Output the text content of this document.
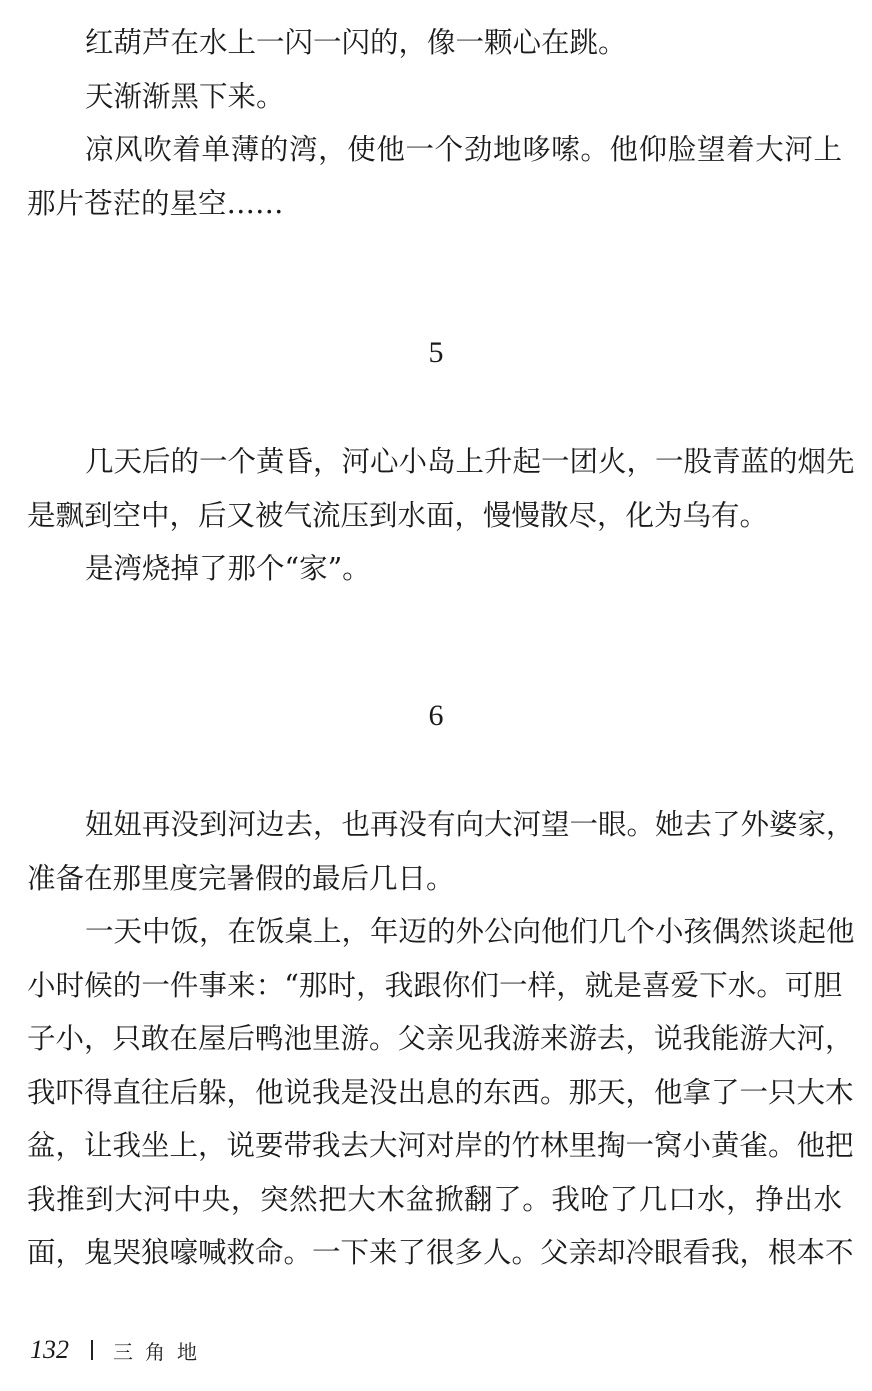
红葫芦在水上一闪一闪的，像一颗心在跳。
天渐渐黑下来。
凉风吹着单薄的湾，使他一个劲地哆嗦。他仰脸望着大河上
那片苍茫的星空……
5
几天后的一个黄昏，河心小岛上升起一团火，一股青蓝的烟先
是飘到空中，后又被气流压到水面，慢慢散尽，化为乌有。
是湾烧掉了那个“家”。
6
妞妞再没到河边去，也再没有向大河望一眼。她去了外婆家，
准备在那里度完暑假的最后几日。
一天中饭，在饭桌上，年迈的外公向他们几个小孩偶然谈起他
小时候的一件事来：“那时，我跟你们一样，就是喜爱下水。可胆
子小，只敢在屋后鸭池里游。父亲见我游来游去，说我能游大河，
我吓得直往后躲，他说我是没出息的东西。那天，他拿了一只大木
盆，让我坐上，说要带我去大河对岸的竹林里掏一窝小黄雀。他把
我推到大河中央，突然把大木盆掀翻了。我呛了几口水，挣出水
面，鬼哭狼嚎喊救命。一下来了很多人。父亲却冷眼看我，根本不
132 三角地
